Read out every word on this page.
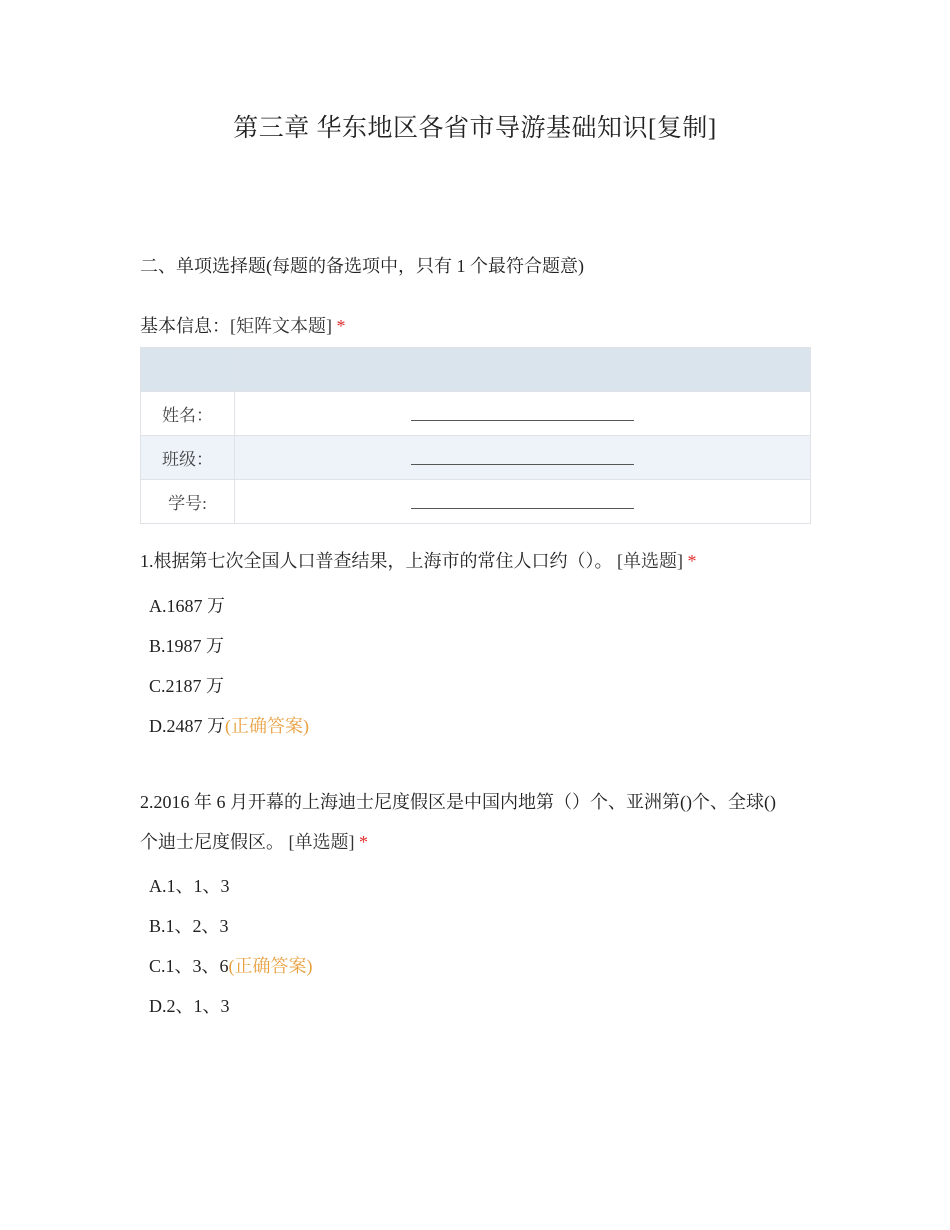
第三章 华东地区各省市导游基础知识[复制]
二、单项选择题(每题的备选项中，只有 1 个最符合题意)
基本信息：[矩阵文本题] *

姓名：	
班级：	
学号:	
1.根据第七次全国人口普查结果，上海市的常住人口约（）。 [单选题] *
A.1687 万
B.1987 万
C.2187 万
D.2487 万(正确答案)
2.2016 年 6 月开幕的上海迪士尼度假区是中国内地第（）个、亚洲第()个、全球()
个迪士尼度假区。 [单选题] *
A.1、1、3
B.1、2、3
C.1、3、6(正确答案)
D.2、1、3
